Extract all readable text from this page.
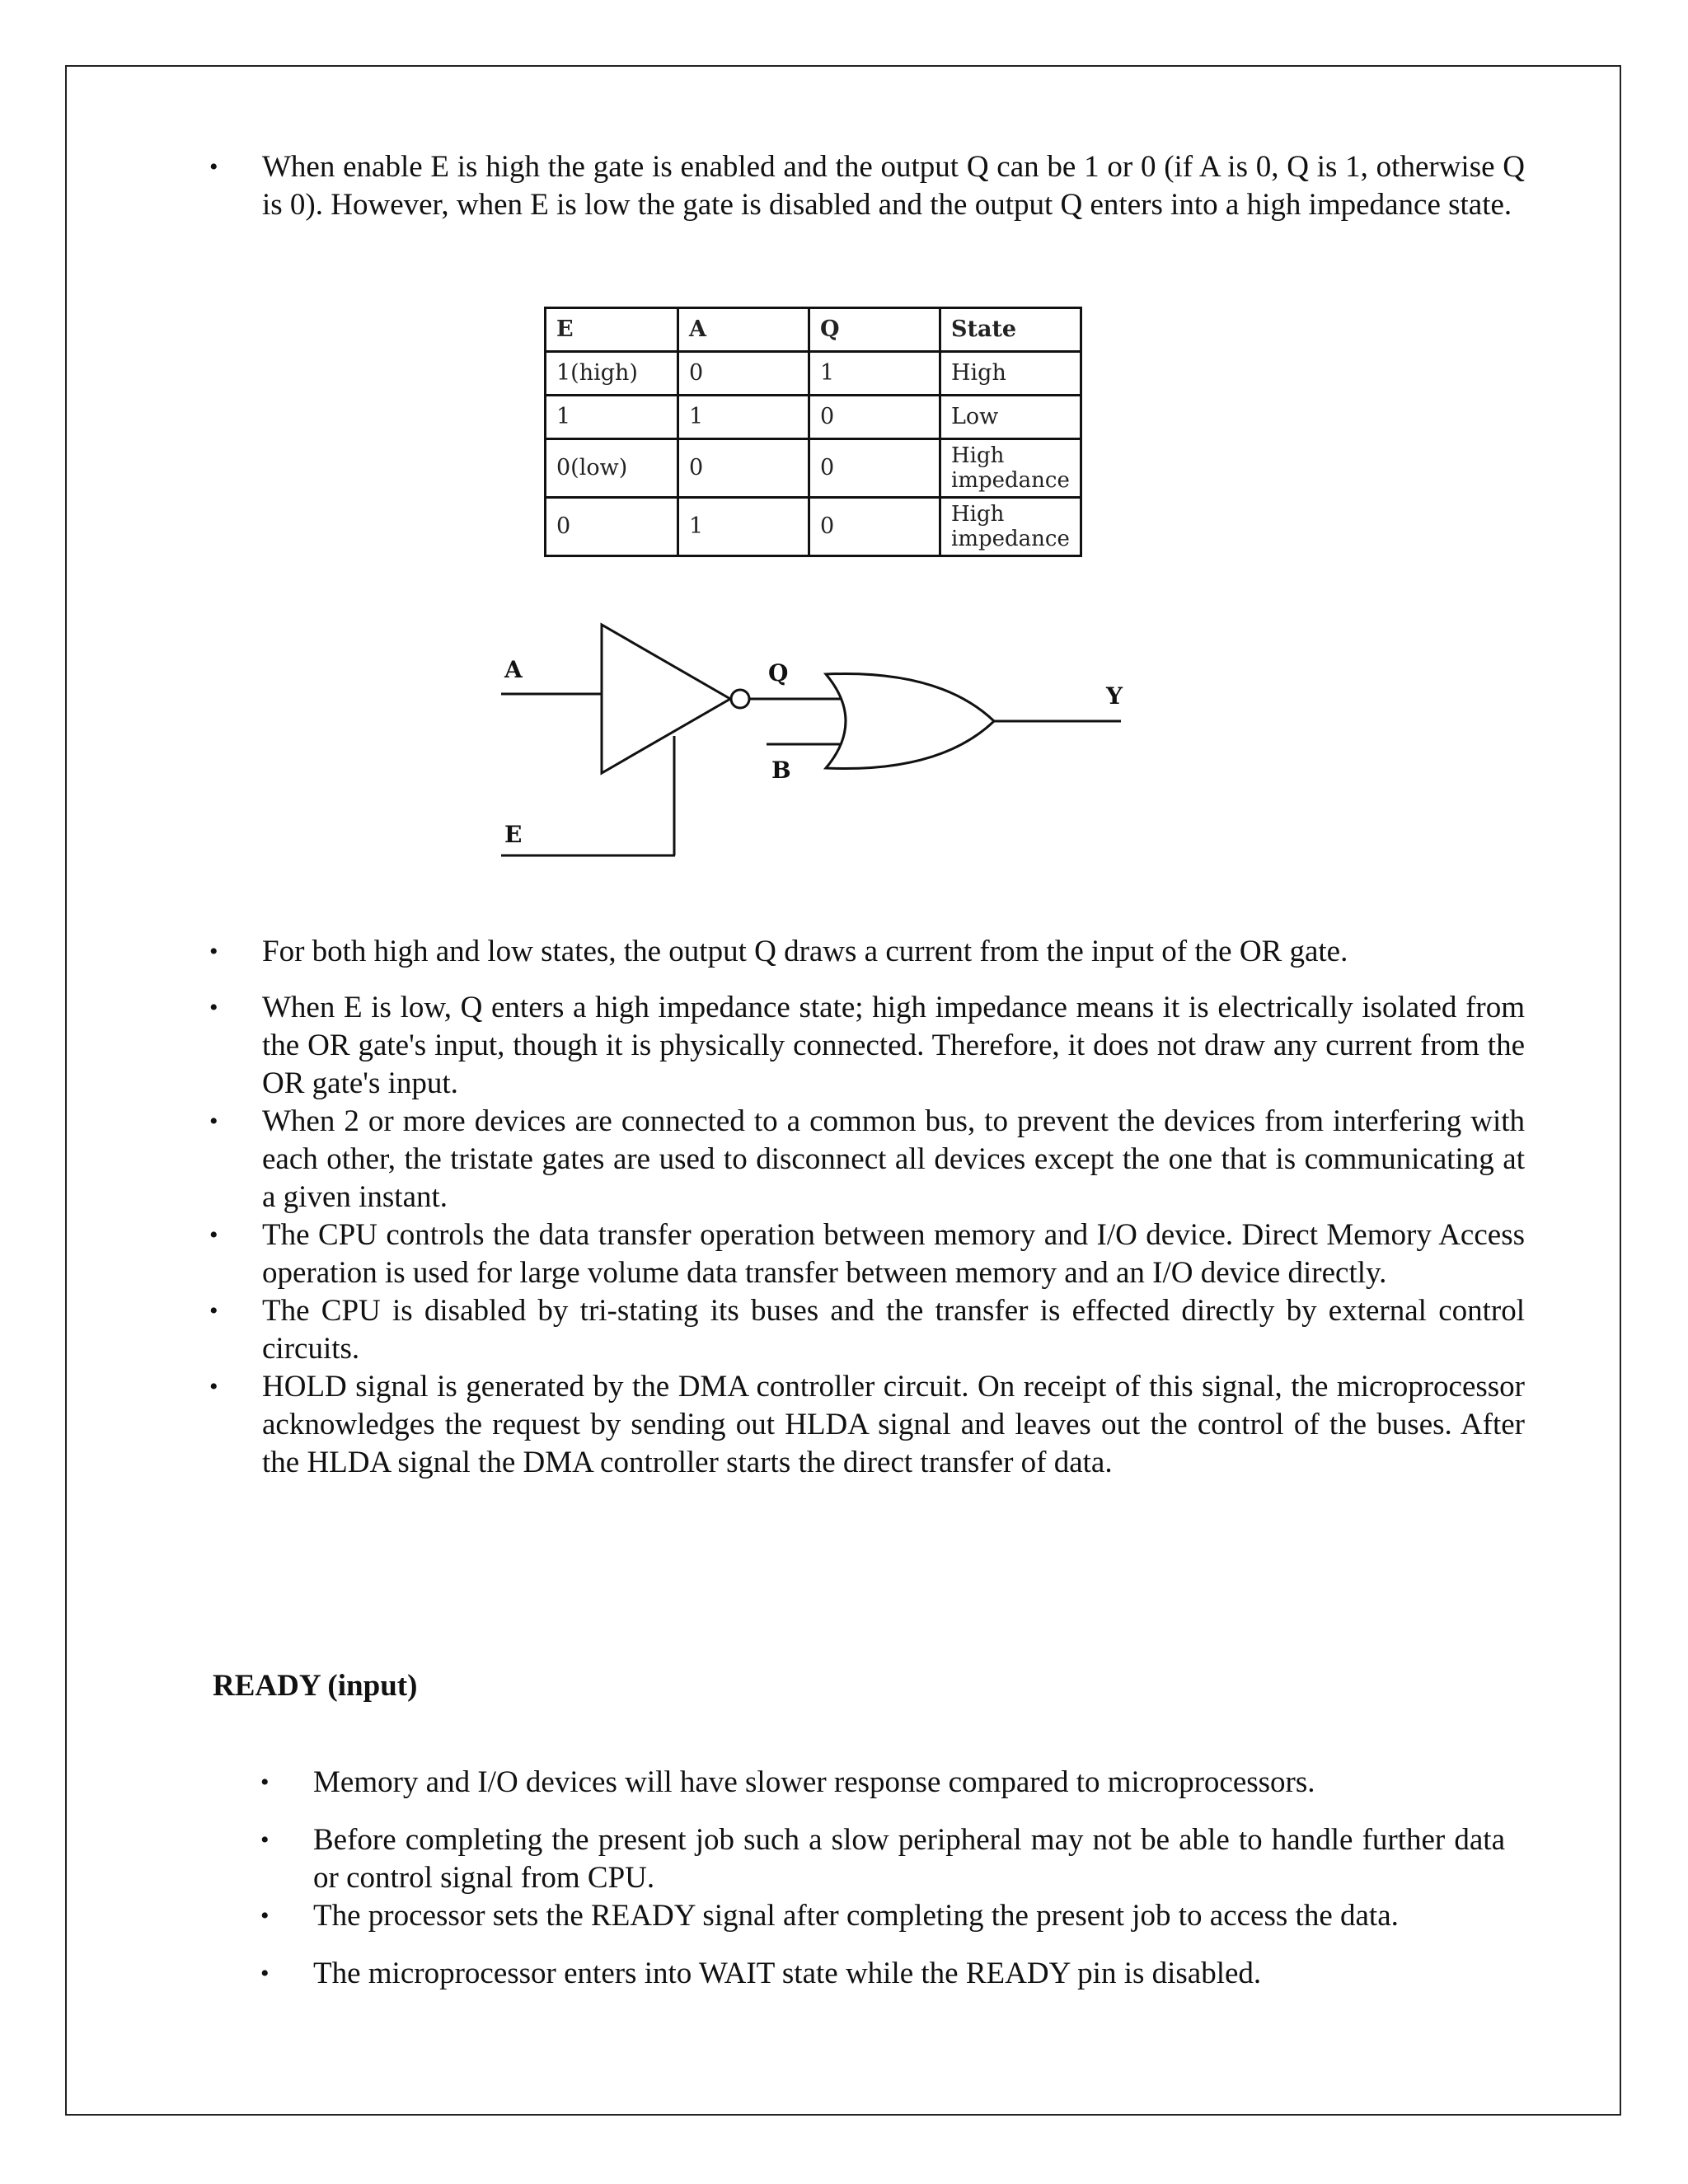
• When enable E is high the gate is enabled and the output Q can be 1 or 0 (if A is 0, Q is 1, otherwise Q is 0). However, when E is low the gate is disabled and the output Q enters into a high impedance state.
E	A	Q	State
1(high)	0	1	High
1	1	0	Low
0(low)	0	0	High impedance
0	1	0	High impedance
A	Q
Y
B
E
• For both high and low states, the output Q draws a current from the input of the OR gate.
• When E is low, Q enters a high impedance state; high impedance means it is electrically isolated from the OR gate's input, though it is physically connected. Therefore, it does not draw any current from the OR gate's input.
• When 2 or more devices are connected to a common bus, to prevent the devices from interfering with each other, the tristate gates are used to disconnect all devices except the one that is communicating at a given instant.
• The CPU controls the data transfer operation between memory and I/O device. Direct Memory Access operation is used for large volume data transfer between memory and an I/O device directly.
• The CPU is disabled by tri-stating its buses and the transfer is effected directly by external control circuits.
• HOLD signal is generated by the DMA controller circuit. On receipt of this signal, the microprocessor acknowledges the request by sending out HLDA signal and leaves out the control of the buses. After the HLDA signal the DMA controller starts the direct transfer of data.
READY (input)
• Memory and I/O devices will have slower response compared to microprocessors.
• Before completing the present job such a slow peripheral may not be able to handle further data or control signal from CPU.
• The processor sets the READY signal after completing the present job to access the data.
• The microprocessor enters into WAIT state while the READY pin is disabled.
